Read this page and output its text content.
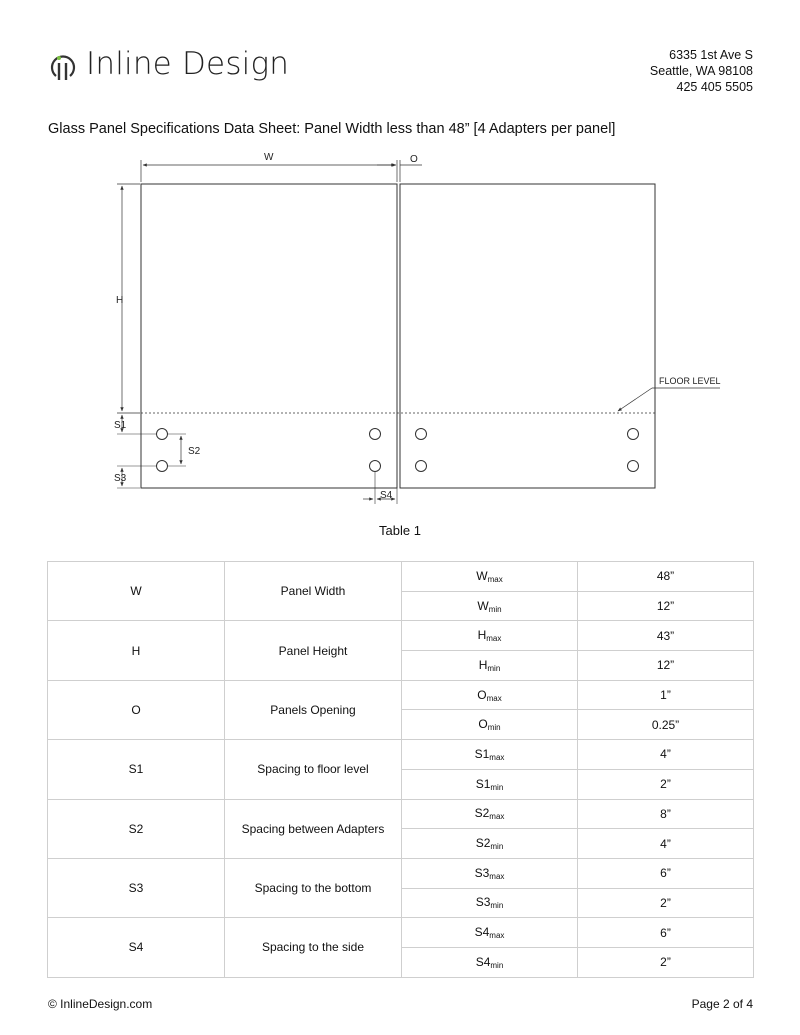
Inline Design	6335 1st Ave S
Seattle, WA 98108
425 405 5505
Glass Panel Specifications Data Sheet: Panel Width less than 48” [4 Adapters per panel]
W	O
H
S1
S2
S3
S4
FLOOR LEVEL
Table 1
W	Panel Width	$W_{max}$	48”
		$W_{min}$	12”
H	Panel Height	$H_{max}$	43”
		$H_{min}$	12”
O	Panels Opening	$O_{max}$	1”
		$O_{min}$	0.25”
S1	Spacing to floor level	$S1_{max}$	4”
		$S1_{min}$	2”
S2	Spacing between Adapters	$S2_{max}$	8”
		$S2_{min}$	4”
S3	Spacing to the bottom	$S3_{max}$	6”
		$S3_{min}$	2”
S4	Spacing to the side	$S4_{max}$	6”
		$S4_{min}$	2”
© InlineDesign.com	Page 2 of 4
